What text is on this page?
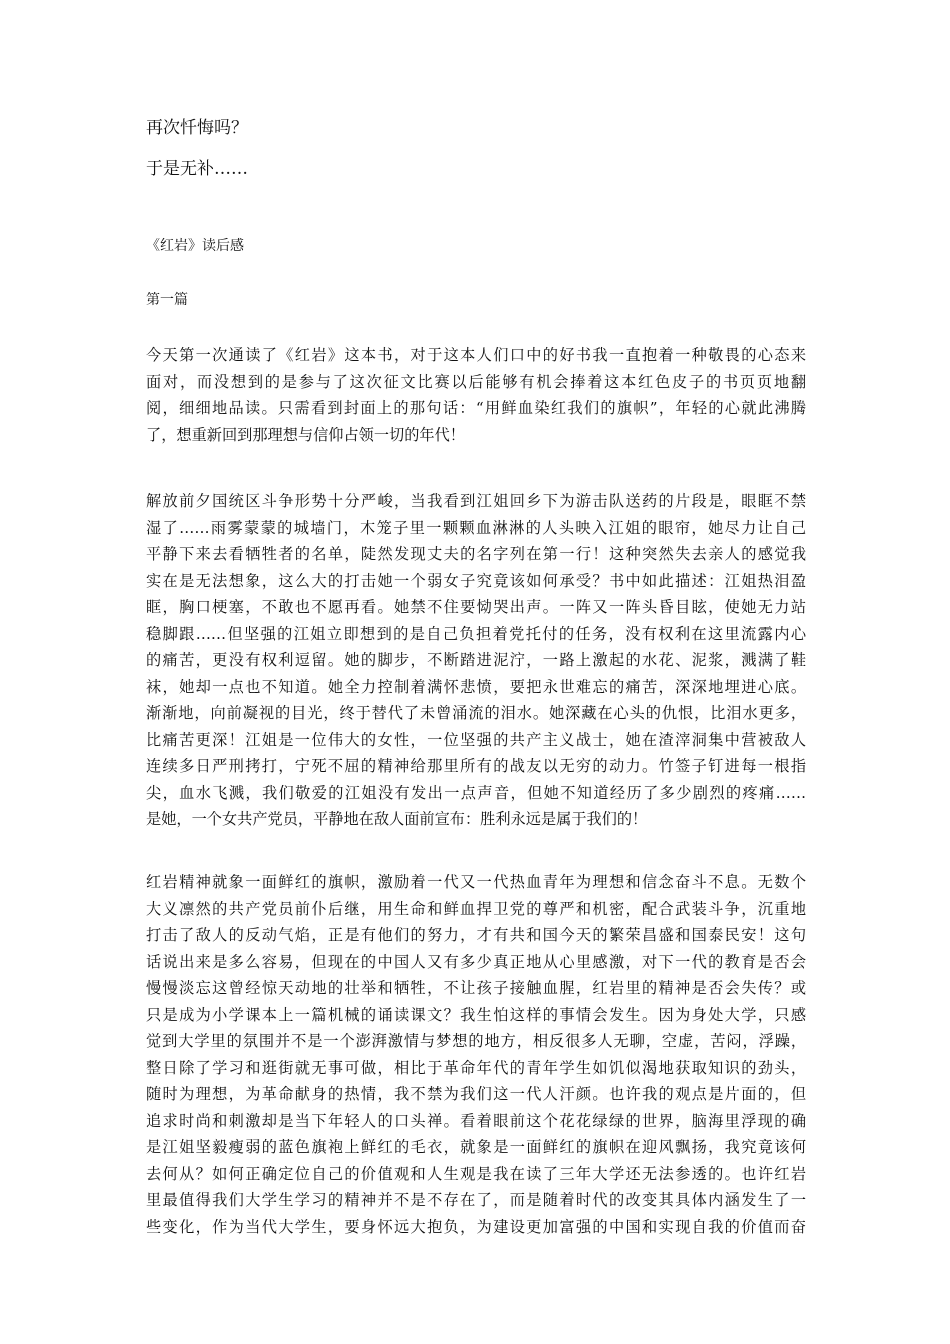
再次忏悔吗？
于是无补……
《红岩》读后感
第一篇
今天第一次通读了《红岩》这本书，对于这本人们口中的好书我一直抱着一种敬畏的心态来
面对，而没想到的是参与了这次征文比赛以后能够有机会捧着这本红色皮子的书页页地翻
阅，细细地品读。只需看到封面上的那句话：“用鲜血染红我们的旗帜”，年轻的心就此沸腾
了，想重新回到那理想与信仰占领一切的年代！
解放前夕国统区斗争形势十分严峻，当我看到江姐回乡下为游击队送药的片段是，眼眶不禁
湿了……雨雾蒙蒙的城墙门，木笼子里一颗颗血淋淋的人头映入江姐的眼帘，她尽力让自己
平静下来去看牺牲者的名单，陡然发现丈夫的名字列在第一行！这种突然失去亲人的感觉我
实在是无法想象，这么大的打击她一个弱女子究竟该如何承受？书中如此描述：江姐热泪盈
眶，胸口梗塞，不敢也不愿再看。她禁不住要恸哭出声。一阵又一阵头昏目眩，使她无力站
稳脚跟……但坚强的江姐立即想到的是自己负担着党托付的任务，没有权利在这里流露内心
的痛苦，更没有权利逗留。她的脚步，不断踏进泥泞，一路上激起的水花、泥浆，溅满了鞋
袜，她却一点也不知道。她全力控制着满怀悲愤，要把永世难忘的痛苦，深深地埋进心底。
渐渐地，向前凝视的目光，终于替代了未曾涌流的泪水。她深藏在心头的仇恨，比泪水更多，
比痛苦更深！江姐是一位伟大的女性，一位坚强的共产主义战士，她在渣滓洞集中营被敌人
连续多日严刑拷打，宁死不屈的精神给那里所有的战友以无穷的动力。竹签子钉进每一根指
尖，血水飞溅，我们敬爱的江姐没有发出一点声音，但她不知道经历了多少剧烈的疼痛……
是她，一个女共产党员，平静地在敌人面前宣布：胜利永远是属于我们的！
红岩精神就象一面鲜红的旗帜，激励着一代又一代热血青年为理想和信念奋斗不息。无数个
大义凛然的共产党员前仆后继，用生命和鲜血捍卫党的尊严和机密，配合武装斗争，沉重地
打击了敌人的反动气焰，正是有他们的努力，才有共和国今天的繁荣昌盛和国泰民安！这句
话说出来是多么容易，但现在的中国人又有多少真正地从心里感激，对下一代的教育是否会
慢慢淡忘这曾经惊天动地的壮举和牺牲，不让孩子接触血腥，红岩里的精神是否会失传？或
只是成为小学课本上一篇机械的诵读课文？我生怕这样的事情会发生。因为身处大学，只感
觉到大学里的氛围并不是一个澎湃激情与梦想的地方，相反很多人无聊，空虚，苦闷，浮躁，
整日除了学习和逛街就无事可做，相比于革命年代的青年学生如饥似渴地获取知识的劲头，
随时为理想，为革命献身的热情，我不禁为我们这一代人汗颜。也许我的观点是片面的，但
追求时尚和刺激却是当下年轻人的口头禅。看着眼前这个花花绿绿的世界，脑海里浮现的确
是江姐坚毅瘦弱的蓝色旗袍上鲜红的毛衣，就象是一面鲜红的旗帜在迎风飘扬，我究竟该何
去何从？如何正确定位自己的价值观和人生观是我在读了三年大学还无法参透的。也许红岩
里最值得我们大学生学习的精神并不是不存在了，而是随着时代的改变其具体内涵发生了一
些变化，作为当代大学生，要身怀远大抱负，为建设更加富强的中国和实现自我的价值而奋
